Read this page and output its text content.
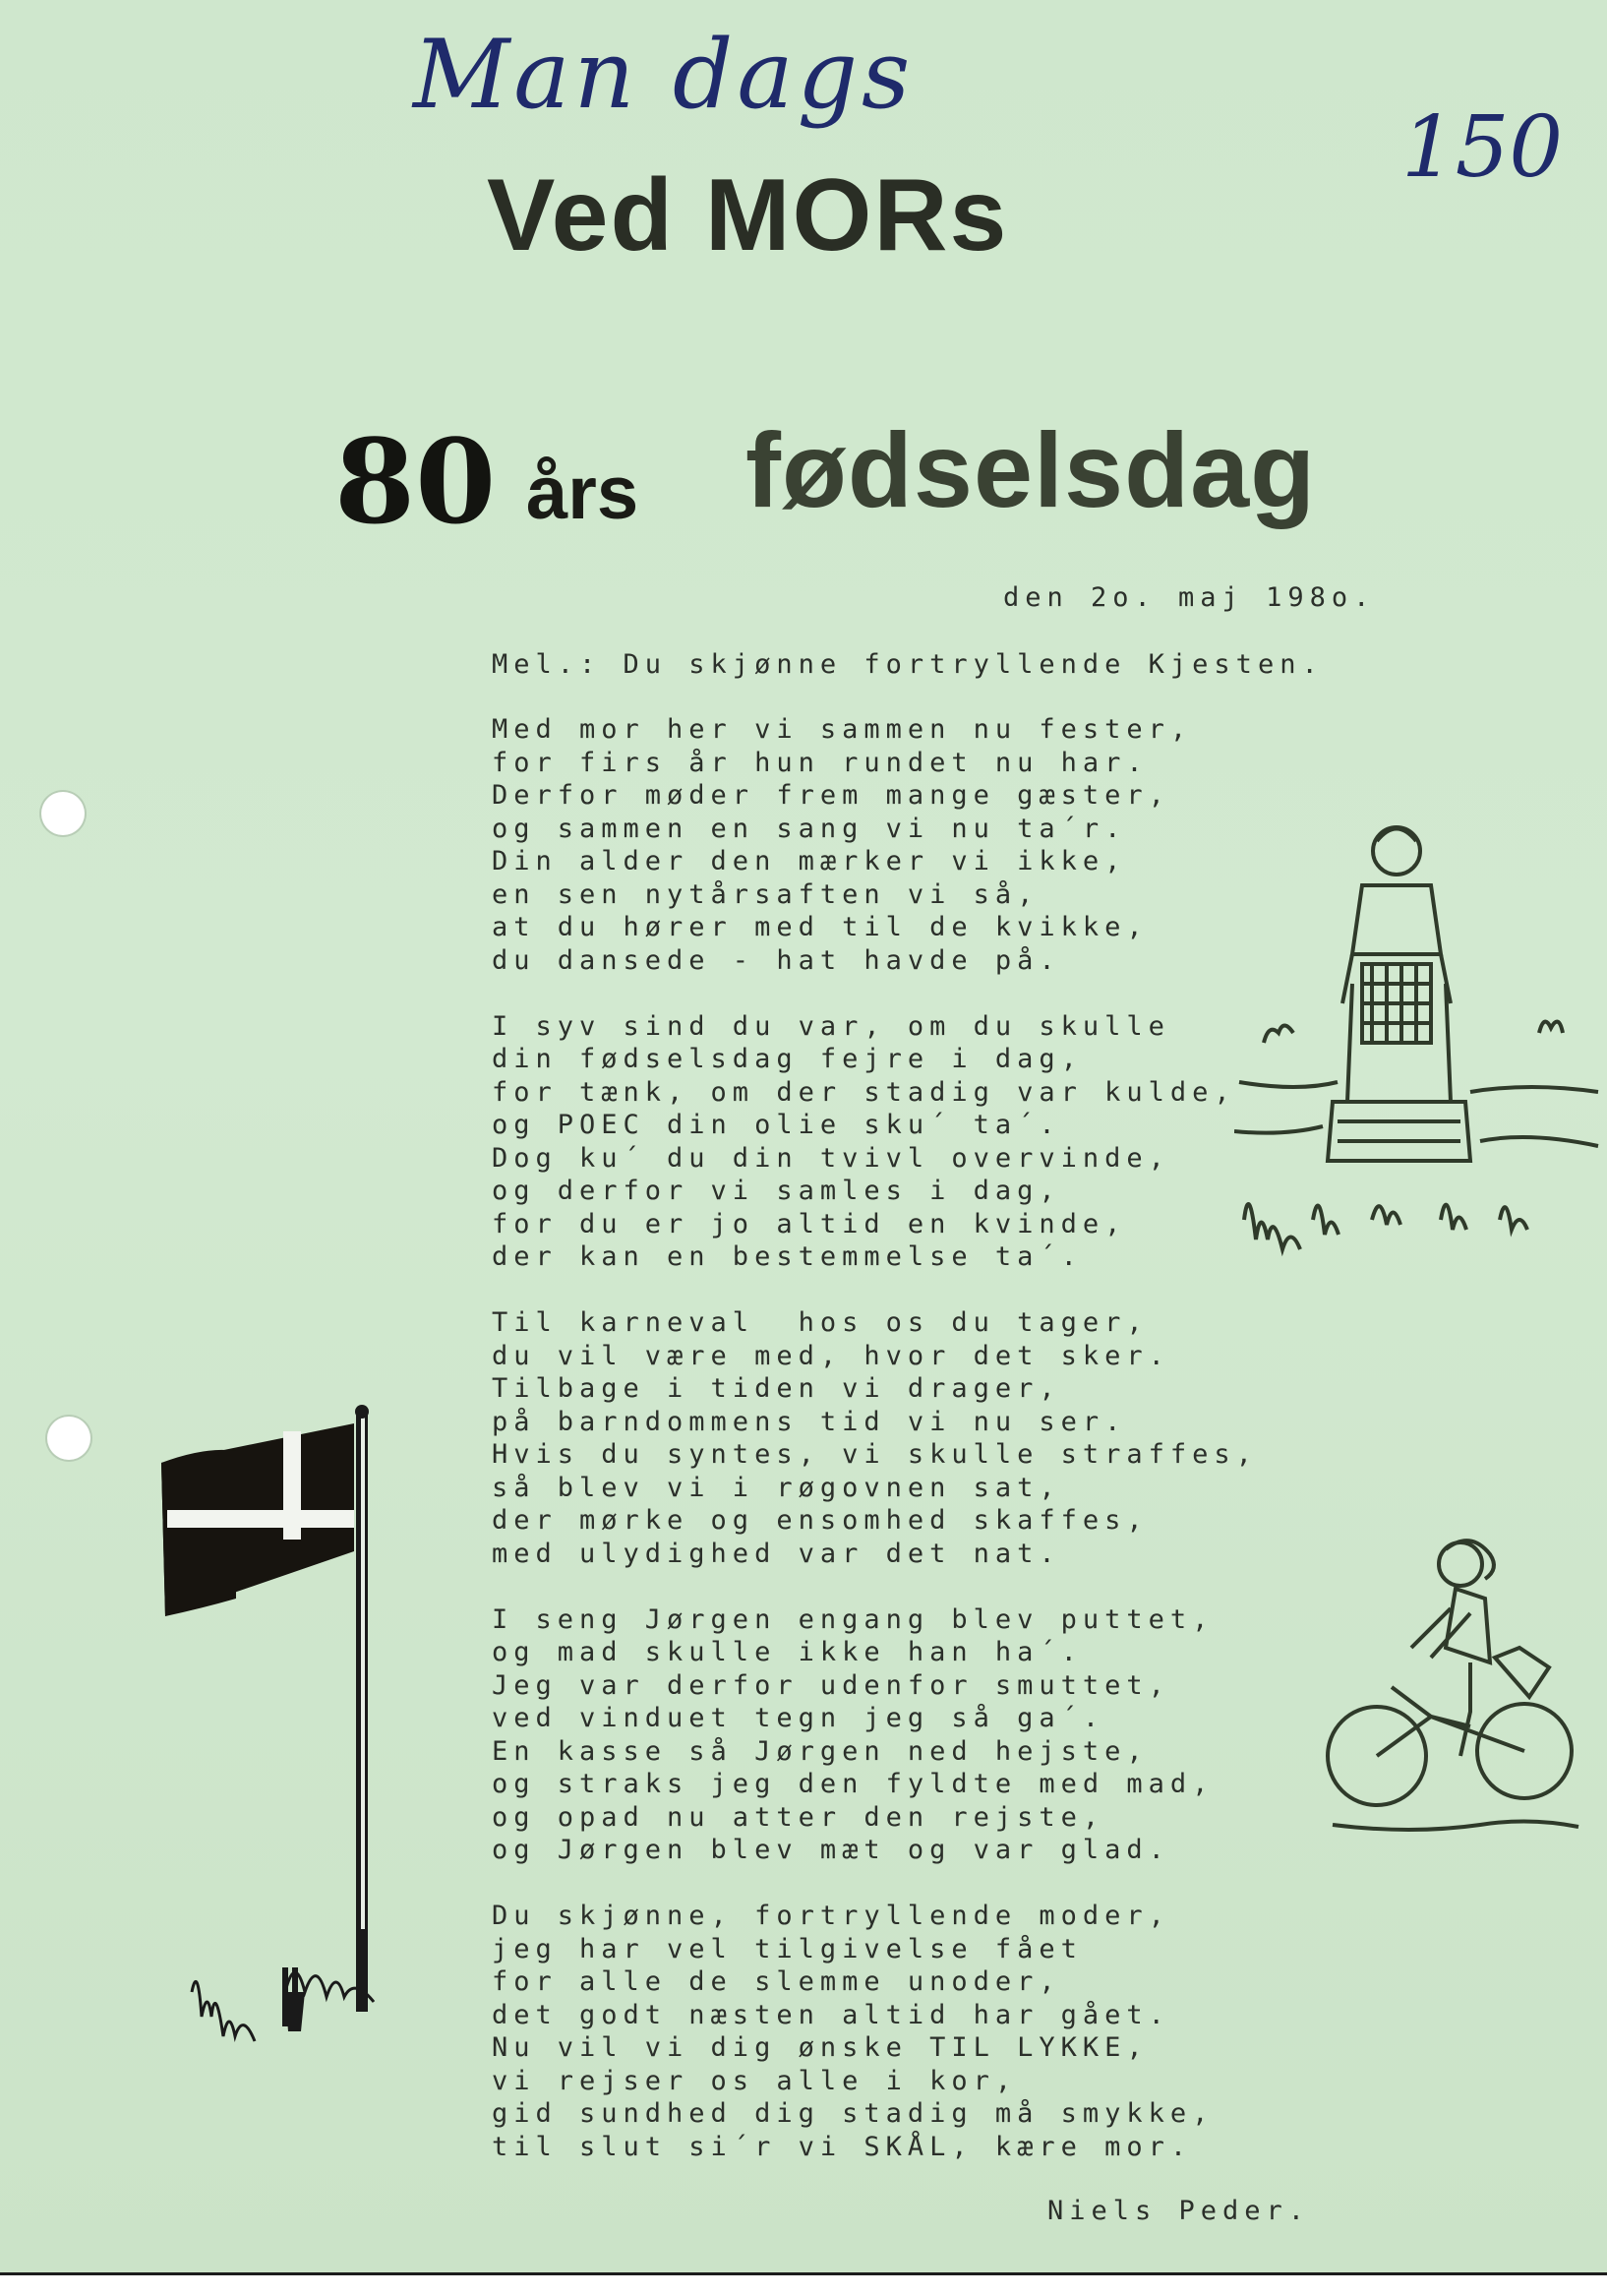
Man dags
150
Ved MORs
80 års fødselsdag
den 2o. maj 198o.
Mel.: Du skjønne fortryllende Kjesten.
Med mor her vi sammen nu fester,
for firs år hun rundet nu har.
Derfor møder frem mange gæster,
og sammen en sang vi nu ta´r.
Din alder den mærker vi ikke,
en sen nytårsaften vi så,
at du hører med til de kvikke,
du dansede - hat havde på.
I syv sind du var, om du skulle
din fødselsdag fejre i dag,
for tænk, om der stadig var kulde,
og POEC din olie sku´ ta´.
Dog ku´ du din tvivl overvinde,
og derfor vi samles i dag,
for du er jo altid en kvinde,
der kan en bestemmelse ta´.
Til karneval  hos os du tager,
du vil være med, hvor det sker.
Tilbage i tiden vi drager,
på barndommens tid vi nu ser.
Hvis du syntes, vi skulle straffes,
så blev vi i røgovnen sat,
der mørke og ensomhed skaffes,
med ulydighed var det nat.
I seng Jørgen engang blev puttet,
og mad skulle ikke han ha´.
Jeg var derfor udenfor smuttet,
ved vinduet tegn jeg så ga´.
En kasse så Jørgen ned hejste,
og straks jeg den fyldte med mad,
og opad nu atter den rejste,
og Jørgen blev mæt og var glad.
Du skjønne, fortryllende moder,
jeg har vel tilgivelse fået
for alle de slemme unoder,
det godt næsten altid har gået.
Nu vil vi dig ønske TIL LYKKE,
vi rejser os alle i kor,
gid sundhed dig stadig må smykke,
til slut si´r vi SKÅL, kære mor.
Niels Peder.
